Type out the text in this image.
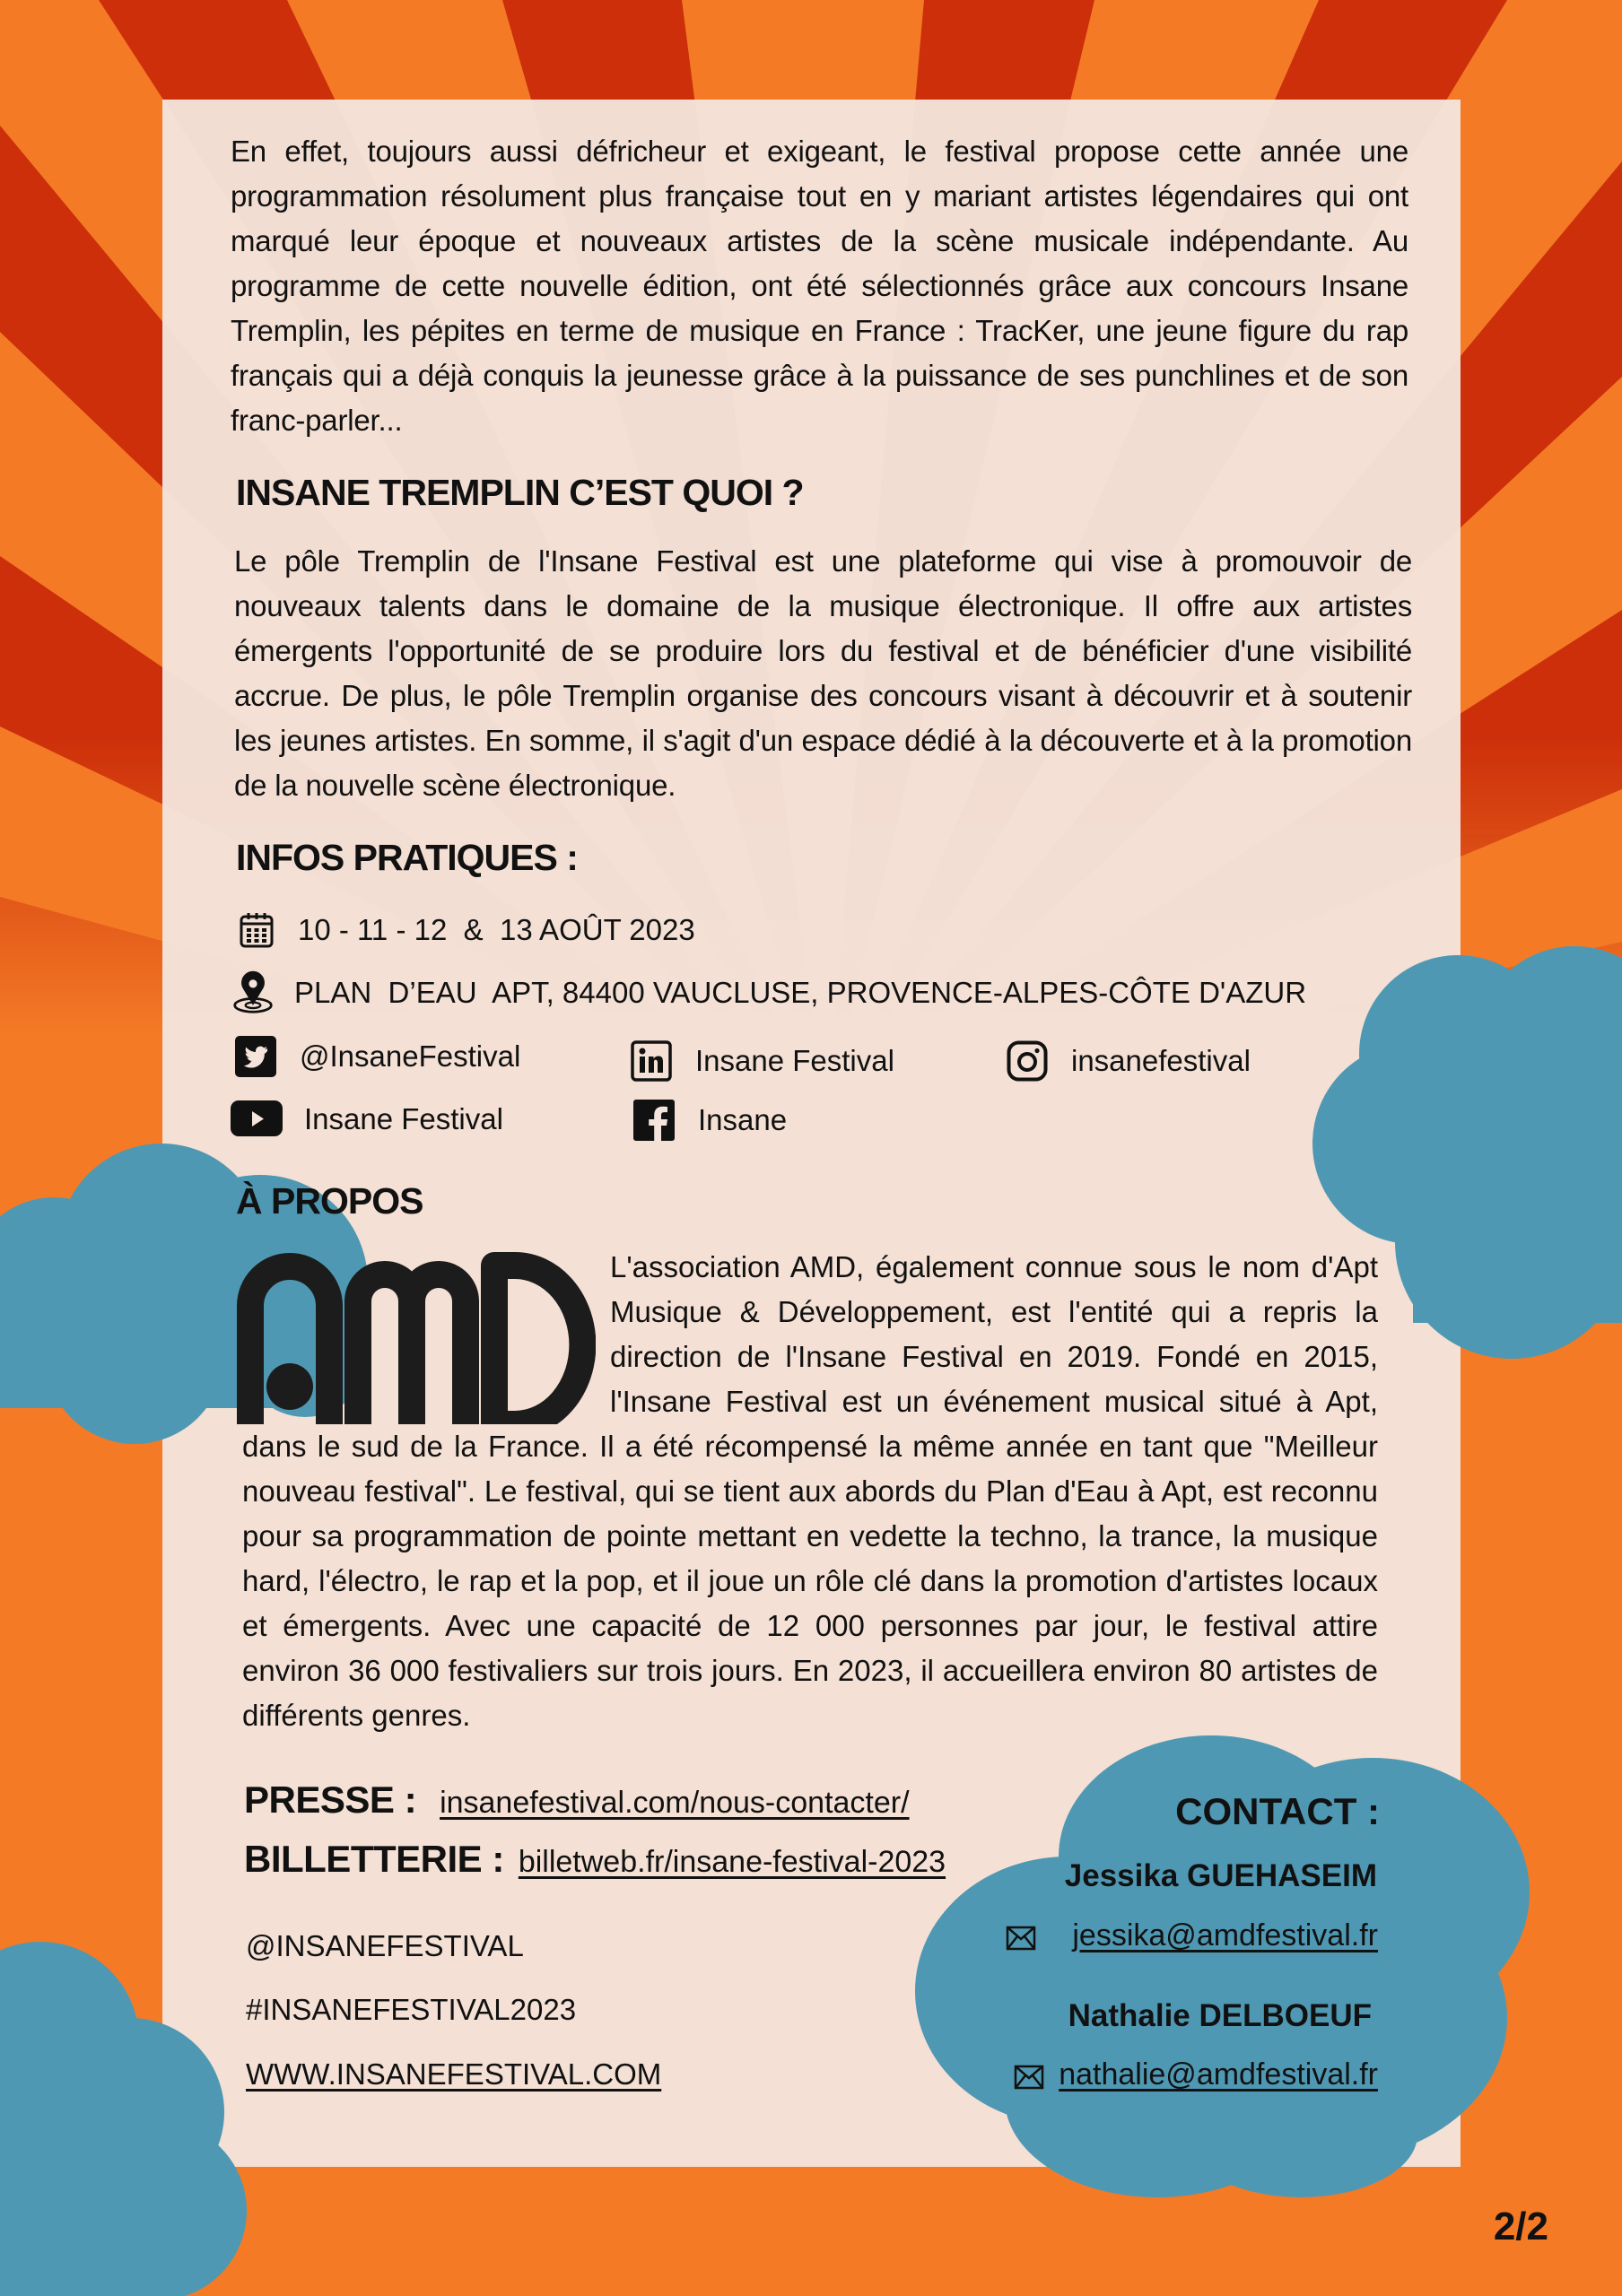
En effet, toujours aussi défricheur et exigeant, le festival propose cette année une programmation résolument plus française tout en y mariant artistes légendaires qui ont marqué leur époque et nouveaux artistes de la scène musicale indépendante. Au programme de cette nouvelle édition, ont été sélectionnés grâce aux concours Insane Tremplin, les pépites en terme de musique en France : TracKer, une jeune figure du rap français qui a déjà conquis la jeunesse grâce à la puissance de ses punchlines et de son franc-parler...

INSANE TREMPLIN C’EST QUOI ?

Le pôle Tremplin de l'Insane Festival est une plateforme qui vise à promouvoir de nouveaux talents dans le domaine de la musique électronique. Il offre aux artistes émergents l'opportunité de se produire lors du festival et de bénéficier d'une visibilité accrue. De plus, le pôle Tremplin organise des concours visant à découvrir et à soutenir les jeunes artistes. En somme, il s'agit d'un espace dédié à la découverte et à la promotion de la nouvelle scène électronique.

INFOS PRATIQUES :
10 - 11 - 12  &  13 AOÛT 2023
PLAN  D’EAU  APT, 84400 VAUCLUSE, PROVENCE-ALPES-CÔTE D'AZUR
@InsaneFestival	Insane Festival	insanefestival
Insane Festival	Insane
À PROPOS
L'association AMD, également connue sous le nom d'Apt Musique & Développement, est l'entité qui a repris la direction de l'Insane Festival en 2019. Fondé en 2015, l'Insane Festival est un événement musical situé à Apt, dans le sud de la France. Il a été récompensé la même année en tant que "Meilleur nouveau festival". Le festival, qui se tient aux abords du Plan d'Eau à Apt, est reconnu pour sa programmation de pointe mettant en vedette la techno, la trance, la musique hard, l'électro, le rap et la pop, et il joue un rôle clé dans la promotion d'artistes locaux et émergents. Avec une capacité de 12 000 personnes par jour, le festival attire environ 36 000 festivaliers sur trois jours. En 2023, il accueillera environ 80 artistes de différents genres.
PRESSE : insanefestival.com/nous-contacter/
BILLETTERIE : billetweb.fr/insane-festival-2023
@INSANEFESTIVAL
#INSANEFESTIVAL2023
WWW.INSANEFESTIVAL.COM
CONTACT :
Jessika GUEHASEIM
jessika@amdfestival.fr
Nathalie DELBOEUF
nathalie@amdfestival.fr
2/2
